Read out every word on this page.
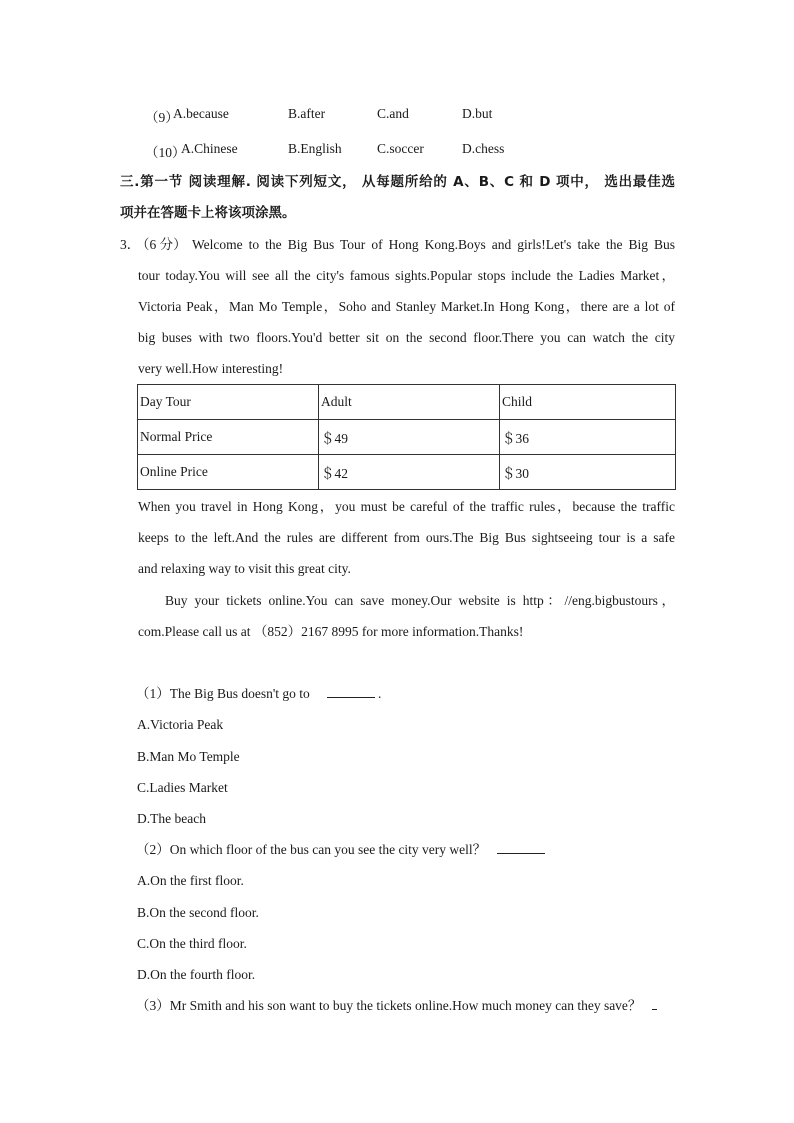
（9）
A.because	B.after	C.and	D.but
（10）
A.Chinese	B.English	C.soccer	D.chess
三.第一节 阅读理解. 阅读下列短文， 从每题所给的 A、B、C 和 D 项中， 选出最佳选
项并在答题卡上将该项涂黑。
3．
（6 分） Welcome to the Big Bus Tour of Hong Kong.Boys and girls!Let's take the Big Bus
tour today.You will see all the city's famous sights.Popular stops include the Ladies Market，
Victoria Peak，Man Mo Temple，Soho and Stanley Market.In Hong Kong，there are a lot of
big buses with two floors.You'd better sit on the second floor.There you can watch the city
very well.How interesting!
Day Tour	Adult	Child
Normal Price	＄49	＄36
Online Price	＄42	＄30
When you travel in Hong Kong，you must be careful of the traffic rules，because the traffic
keeps to the left.And the rules are different from ours.The Big Bus sightseeing tour is a safe
and relaxing way to visit this great city.
Buy your tickets online.You can save money.Our website is http：//eng.bigbustours，
com.Please call us at （852）2167 8995 for more information.Thanks!
（1）The Big Bus doesn't go to	.
A.Victoria Peak
B.Man Mo Temple
C.Ladies Market
D.The beach
（2）On which floor of the bus can you see the city very well？
A.On the first floor.
B.On the second floor.
C.On the third floor.
D.On the fourth floor.
（3）Mr Smith and his son want to buy the tickets online.How much money can they save？
